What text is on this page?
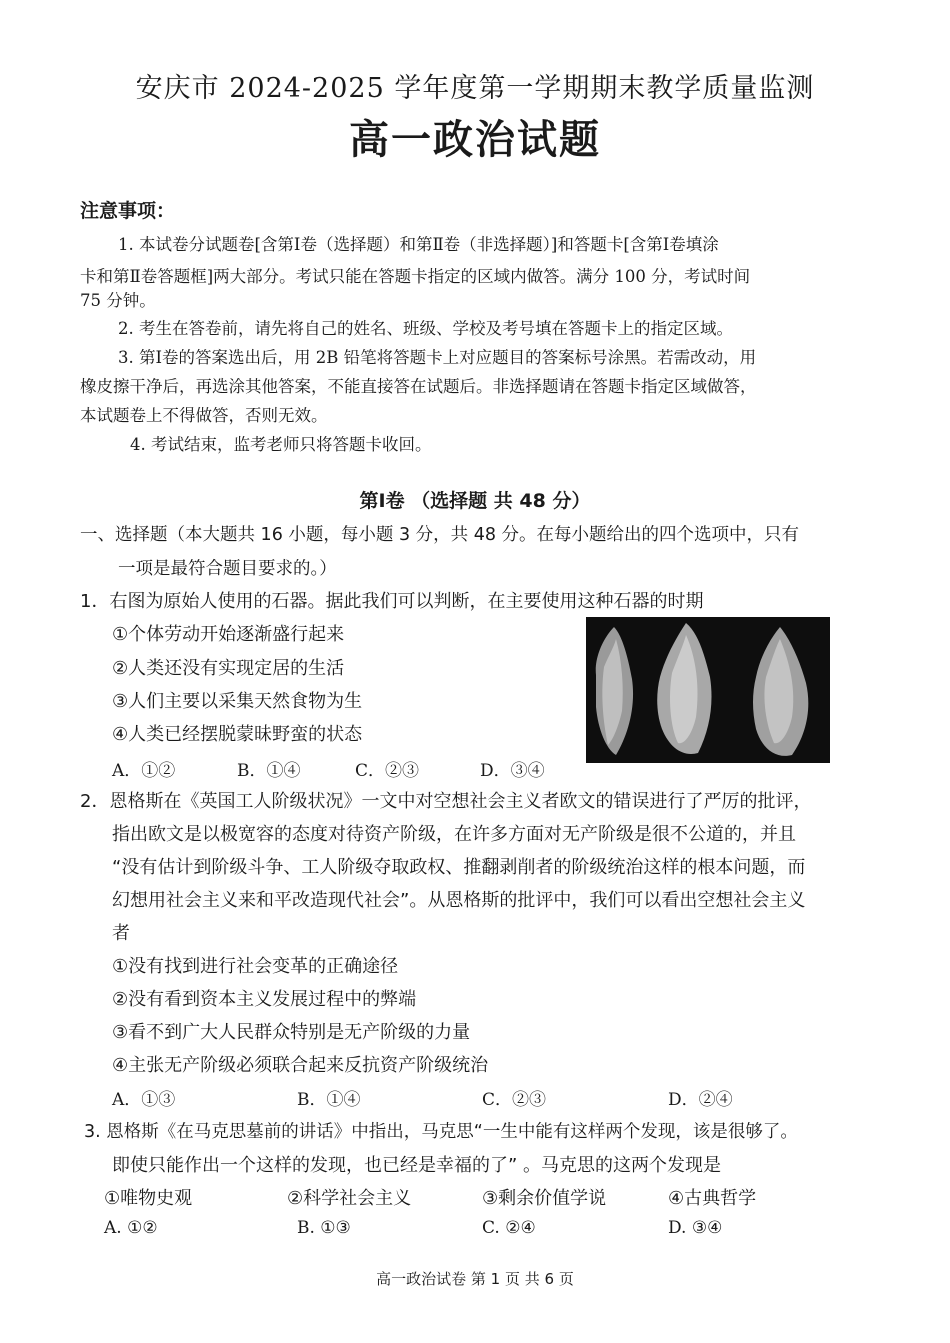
安庆市 2024-2025 学年度第一学期期末教学质量监测
高一政治试题
注意事项：
1. 本试卷分试题卷[含第Ⅰ卷（选择题）和第Ⅱ卷（非选择题）]和答题卡[含第Ⅰ卷填涂
卡和第Ⅱ卷答题框]两大部分。考试只能在答题卡指定的区域内做答。满分 100 分，考试时间
75 分钟。
2. 考生在答卷前，请先将自己的姓名、班级、学校及考号填在答题卡上的指定区域。
3. 第Ⅰ卷的答案选出后，用 2B 铅笔将答题卡上对应题目的答案标号涂黑。若需改动，用
橡皮擦干净后，再选涂其他答案，不能直接答在试题后。非选择题请在答题卡指定区域做答，
本试题卷上不得做答，否则无效。
4. 考试结束，监考老师只将答题卡收回。
第Ⅰ卷 （选择题 共 48 分）
一、选择题（本大题共 16 小题，每小题 3 分，共 48 分。在每小题给出的四个选项中，只有
一项是最符合题目要求的。）
1．右图为原始人使用的石器。据此我们可以判断，在主要使用这种石器的时期
①个体劳动开始逐渐盛行起来
②人类还没有实现定居的生活
③人们主要以采集天然食物为生
④人类已经摆脱蒙昧野蛮的状态
A．①②	B．①④	C．②③	D．③④
2．恩格斯在《英国工人阶级状况》一文中对空想社会主义者欧文的错误进行了严厉的批评，
指出欧文是以极宽容的态度对待资产阶级，在许多方面对无产阶级是很不公道的，并且
“没有估计到阶级斗争、工人阶级夺取政权、推翻剥削者的阶级统治这样的根本问题，而
幻想用社会主义来和平改造现代社会”。从恩格斯的批评中，我们可以看出空想社会主义
者
①没有找到进行社会变革的正确途径
②没有看到资本主义发展过程中的弊端
③看不到广大人民群众特别是无产阶级的力量
④主张无产阶级必须联合起来反抗资产阶级统治
A．①③	B．①④	C．②③	D．②④
3. 恩格斯《在马克思墓前的讲话》中指出，马克思“一生中能有这样两个发现，该是很够了。
即使只能作出一个这样的发现，也已经是幸福的了” 。马克思的这两个发现是
①唯物史观	②科学社会主义	③剩余价值学说	④古典哲学
A. ①②	B. ①③	C. ②④	D. ③④
高一政治试卷 第 1 页 共 6 页
